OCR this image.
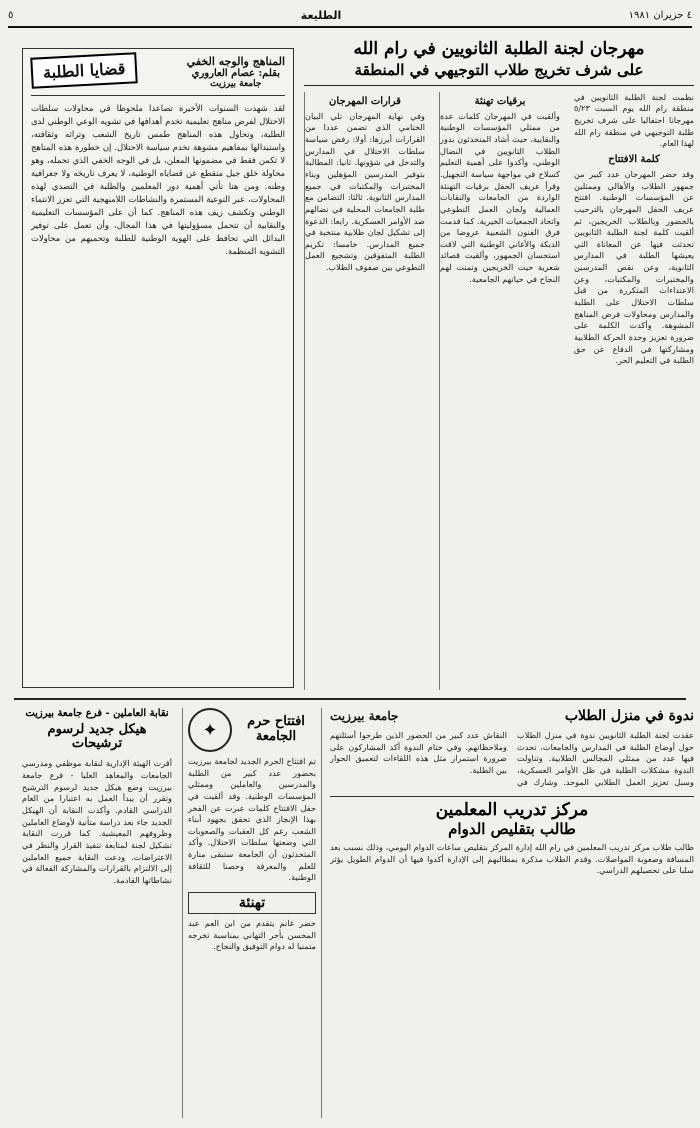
٤ حزيران ١٩٨١
الطليعة
٥
مهرجان لجنة الطلبة الثانويين في رام الله
على شرف تخريج طلاب التوجيهي في المنطقة
نظمت لجنة الطلبة الثانويين في منطقة رام الله يوم السبت ٥/٢٣ مهرجانا احتفاليا على شرف تخريج طلبة التوجيهي في منطقة رام الله لهذا العام.
كلمة الافتتاح
وقد حضر المهرجان عدد كبير من جمهور الطلاب والأهالي وممثلين عن المؤسسات الوطنية. افتتح عريف الحفل المهرجان بالترحيب بالحضور وبالطلاب الخريجين، ثم ألقيت كلمة لجنة الطلبة الثانويين تحدثت فيها عن المعاناة التي يعيشها الطلبة في المدارس الثانوية، وعن نقص المدرسين والمختبرات والمكتبات، وعن الاعتداءات المتكررة من قبل سلطات الاحتلال على الطلبة والمدارس ومحاولات فرض المناهج المشوهة. وأكدت الكلمة على ضرورة تعزيز وحدة الحركة الطلابية ومشاركتها في الدفاع عن حق الطلبة في التعليم الحر.
برقيات تهنئة
وألقيت في المهرجان كلمات عدة من ممثلي المؤسسات الوطنية والنقابية، حيث أشاد المتحدثون بدور الطلاب الثانويين في النضال الوطني، وأكدوا على أهمية التعليم كسلاح في مواجهة سياسة التجهيل. وقرأ عريف الحفل برقيات التهنئة الواردة من الجامعات والنقابات العمالية ولجان العمل التطوعي واتحاد الجمعيات الخيرية. كما قدمت فرق الفنون الشعبية عروضا من الدبكة والأغاني الوطنية التي لاقت استحسان الجمهور، وألقيت قصائد شعرية حيت الخريجين وتمنت لهم النجاح في حياتهم الجامعية.
قرارات المهرجان
وفي نهاية المهرجان تلي البيان الختامي الذي تضمن عددا من القرارات أبرزها: أولا: رفض سياسة سلطات الاحتلال في المدارس والتدخل في شؤونها. ثانيا: المطالبة بتوفير المدرسين المؤهلين وبناء المختبرات والمكتبات في جميع المدارس الثانوية. ثالثا: التضامن مع طلبة الجامعات المحلية في نضالهم ضد الأوامر العسكرية. رابعا: الدعوة إلى تشكيل لجان طلابية منتخبة في جميع المدارس. خامسا: تكريم الطلبة المتفوقين وتشجيع العمل التطوعي بين صفوف الطلاب.
المناهج والوجه الخفي
بقلم: عصام العاروري
جامعة بيرزيت
قضايا الطلبة
لقد شهدت السنوات الأخيرة تصاعدا ملحوظا في محاولات سلطات الاحتلال لفرض مناهج تعليمية تخدم أهدافها في تشويه الوعي الوطني لدى الطلبة، وتحاول هذه المناهج طمس تاريخ الشعب وتراثه وثقافته، واستبدالها بمفاهيم مشوهة تخدم سياسة الاحتلال. إن خطورة هذه المناهج لا تكمن فقط في مضمونها المعلن، بل في الوجه الخفي الذي تحمله، وهو محاولة خلق جيل منقطع عن قضاياه الوطنية، لا يعرف تاريخه ولا جغرافية وطنه. ومن هنا تأتي أهمية دور المعلمين والطلبة في التصدي لهذه المحاولات، عبر التوعية المستمرة والنشاطات اللامنهجية التي تعزز الانتماء الوطني وتكشف زيف هذه المناهج. كما أن على المؤسسات التعليمية والنقابية أن تتحمل مسؤوليتها في هذا المجال، وأن تعمل على توفير البدائل التي تحافظ على الهوية الوطنية للطلبة وتحميهم من محاولات التشويه المنظمة.
نقابة العاملين - فرع جامعة بيرزيت
هيكل جديد لرسوم ترشيحات
أقرت الهيئة الإدارية لنقابة موظفي ومدرسي الجامعات والمعاهد العليا - فرع جامعة بيرزيت وضع هيكل جديد لرسوم الترشيح وتقرر أن يبدأ العمل به اعتبارا من العام الدراسي القادم. وأكدت النقابة أن الهيكل الجديد جاء بعد دراسة متأنية لأوضاع العاملين وظروفهم المعيشية. كما قررت النقابة تشكيل لجنة لمتابعة تنفيذ القرار والنظر في الاعتراضات. ودعت النقابة جميع العاملين إلى الالتزام بالقرارات والمشاركة الفعالة في نشاطاتها القادمة.
افتتاح حرم الجامعة
✦
تم افتتاح الحرم الجديد لجامعة بيرزيت بحضور عدد كبير من الطلبة والمدرسين والعاملين وممثلي المؤسسات الوطنية. وقد ألقيت في حفل الافتتاح كلمات عبرت عن الفخر بهذا الإنجاز الذي تحقق بجهود أبناء الشعب رغم كل العقبات والصعوبات التي وضعتها سلطات الاحتلال. وأكد المتحدثون أن الجامعة ستبقى منارة للعلم والمعرفة وحصنا للثقافة الوطنية.
تهنئة
خضر غانم يتقدم من ابن العم عبد المحسن بأحر التهاني بمناسبة تخرجه متمنيا له دوام التوفيق والنجاح.
ندوة في منزل الطلاب
جامعة بيرزيت
عقدت لجنة الطلبة الثانويين ندوة في منزل الطلاب حول أوضاع الطلبة في المدارس والجامعات، تحدث فيها عدد من ممثلي المجالس الطلابية. وتناولت الندوة مشكلات الطلبة في ظل الأوامر العسكرية، وسبل تعزيز العمل الطلابي الموحد. وشارك في النقاش عدد كبير من الحضور الذين طرحوا أسئلتهم وملاحظاتهم. وفي ختام الندوة أكد المشاركون على ضرورة استمرار مثل هذه اللقاءات لتعميق الحوار بين الطلبة.
مركز تدريب المعلمين
طالب بتقليص الدوام
طالب طلاب مركز تدريب المعلمين في رام الله إدارة المركز بتقليص ساعات الدوام اليومي، وذلك بسبب بعد المسافة وصعوبة المواصلات. وقدم الطلاب مذكرة بمطالبهم إلى الإدارة أكدوا فيها أن الدوام الطويل يؤثر سلبا على تحصيلهم الدراسي.
